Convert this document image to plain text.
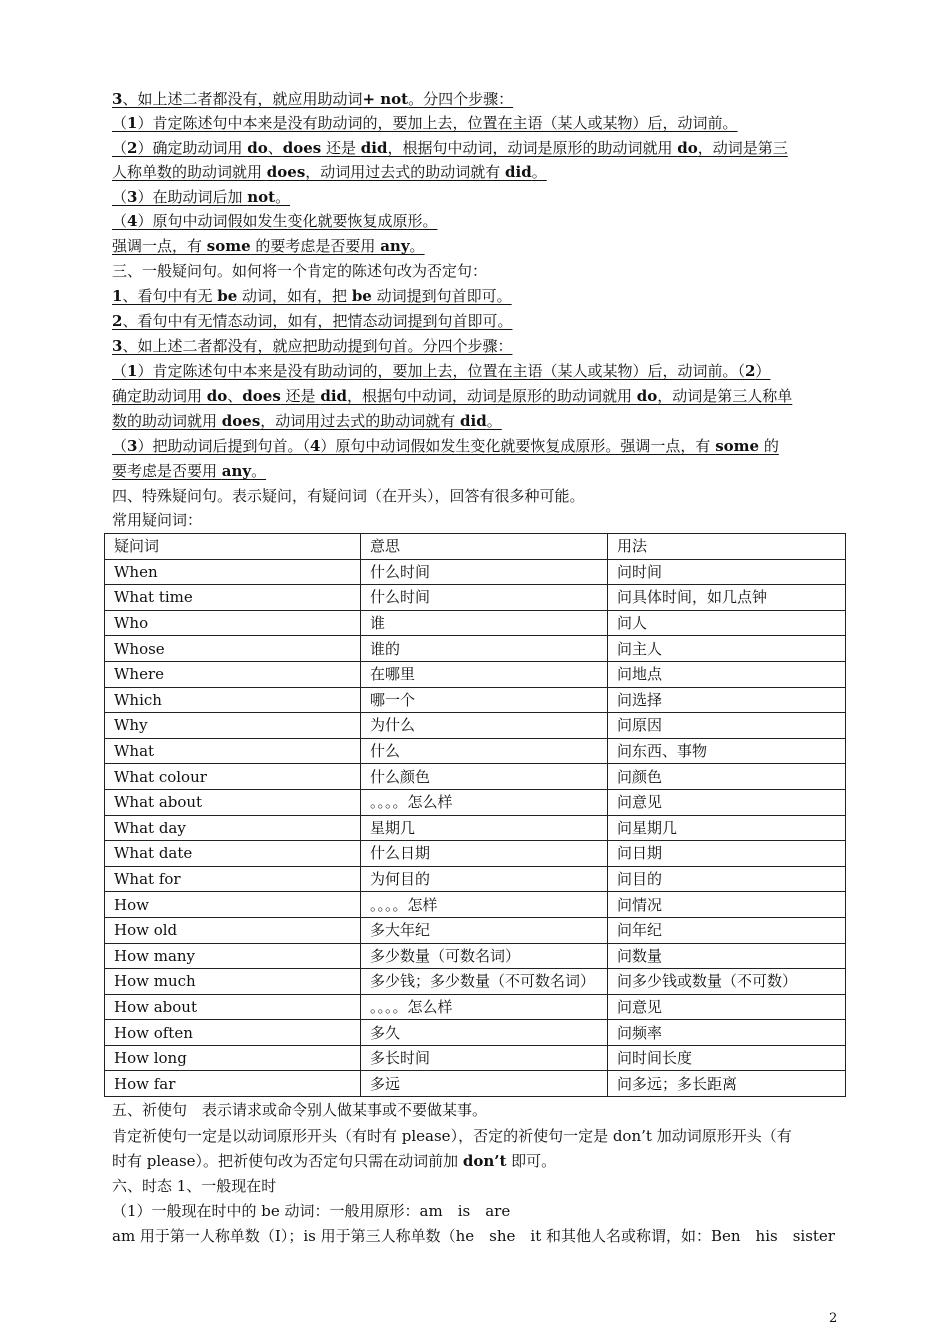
3、如上述二者都没有，就应用助动词+ not。分四个步骤：
（1）肯定陈述句中本来是没有助动词的，要加上去，位置在主语（某人或某物）后，动词前。
（2）确定助动词用 do、does 还是 did，根据句中动词，动词是原形的助动词就用 do，动词是第三
人称单数的助动词就用 does，动词用过去式的助动词就有 did。
（3）在助动词后加 not。
（4）原句中动词假如发生变化就要恢复成原形。
强调一点，有 some 的要考虑是否要用 any。
三、一般疑问句。如何将一个肯定的陈述句改为否定句：
1、看句中有无 be 动词，如有，把 be 动词提到句首即可。
2、看句中有无情态动词，如有，把情态动词提到句首即可。
3、如上述二者都没有，就应把助动提到句首。分四个步骤：
（1）肯定陈述句中本来是没有助动词的，要加上去，位置在主语（某人或某物）后，动词前。（2）
确定助动词用 do、does 还是 did，根据句中动词，动词是原形的助动词就用 do，动词是第三人称单
数的助动词就用 does，动词用过去式的助动词就有 did。
（3）把助动词后提到句首。（4）原句中动词假如发生变化就要恢复成原形。强调一点，有 some 的
要考虑是否要用 any。
四、特殊疑问句。表示疑问，有疑问词（在开头），回答有很多种可能。
常用疑问词：
疑问词	意思	用法
When	什么时间	问时间
What time	什么时间	问具体时间，如几点钟
Who	谁	问人
Whose	谁的	问主人
Where	在哪里	问地点
Which	哪一个	问选择
Why	为什么	问原因
What	什么	问东西、事物
What colour	什么颜色	问颜色
What about	。。。。怎么样	问意见
What day	星期几	问星期几
What date	什么日期	问日期
What for	为何目的	问目的
How	。。。。怎样	问情况
How old	多大年纪	问年纪
How many	多少数量（可数名词）	问数量
How much	多少钱；多少数量（不可数名词）	问多少钱或数量（不可数）
How about	。。。。怎么样	问意见
How often	多久	问频率
How long	多长时间	问时间长度
How far	多远	问多远；多长距离
五、祈使句　表示请求或命令别人做某事或不要做某事。
肯定祈使句一定是以动词原形开头（有时有 please），否定的祈使句一定是 don’t 加动词原形开头（有
时有 please）。把祈使句改为否定句只需在动词前加 don’t 即可。
六、时态 1、一般现在时
（1）一般现在时中的 be 动词：一般用原形：am　is　are
am 用于第一人称单数（I）；is 用于第三人称单数（he　she　it 和其他人名或称谓，如：Ben　his　sister
2
